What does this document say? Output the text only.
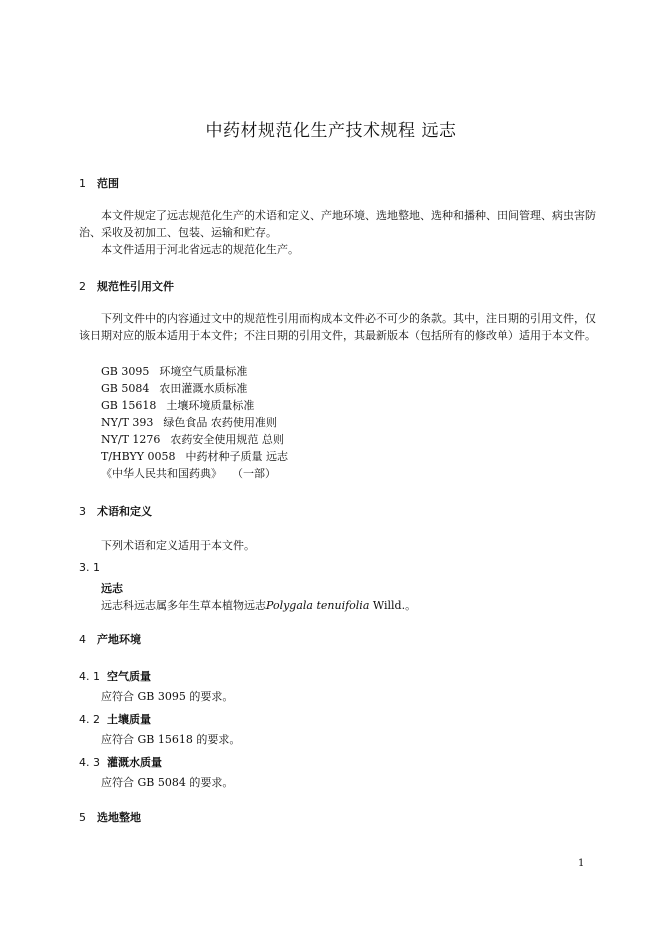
中药材规范化生产技术规程 远志
1 范围
本文件规定了远志规范化生产的术语和定义、产地环境、选地整地、选种和播种、田间管理、病虫害防治、采收及初加工、包装、运输和贮存。
本文件适用于河北省远志的规范化生产。
2 规范性引用文件
下列文件中的内容通过文中的规范性引用而构成本文件必不可少的条款。其中，注日期的引用文件，仅该日期对应的版本适用于本文件；不注日期的引用文件，其最新版本（包括所有的修改单）适用于本文件。
GB 3095 环境空气质量标准
GB 5084 农田灌溉水质标准
GB 15618 土壤环境质量标准
NY/T 393 绿色食品 农药使用准则
NY/T 1276 农药安全使用规范 总则
T/HBYY 0058 中药材种子质量 远志
《中华人民共和国药典》 （一部）
3 术语和定义
下列术语和定义适用于本文件。
3. 1
远志
远志科远志属多年生草本植物远志Polygala tenuifolia Willd.。
4 产地环境
4. 1 空气质量
应符合 GB 3095 的要求。
4. 2 土壤质量
应符合 GB 15618 的要求。
4. 3 灌溉水质量
应符合 GB 5084 的要求。
5 选地整地
1
